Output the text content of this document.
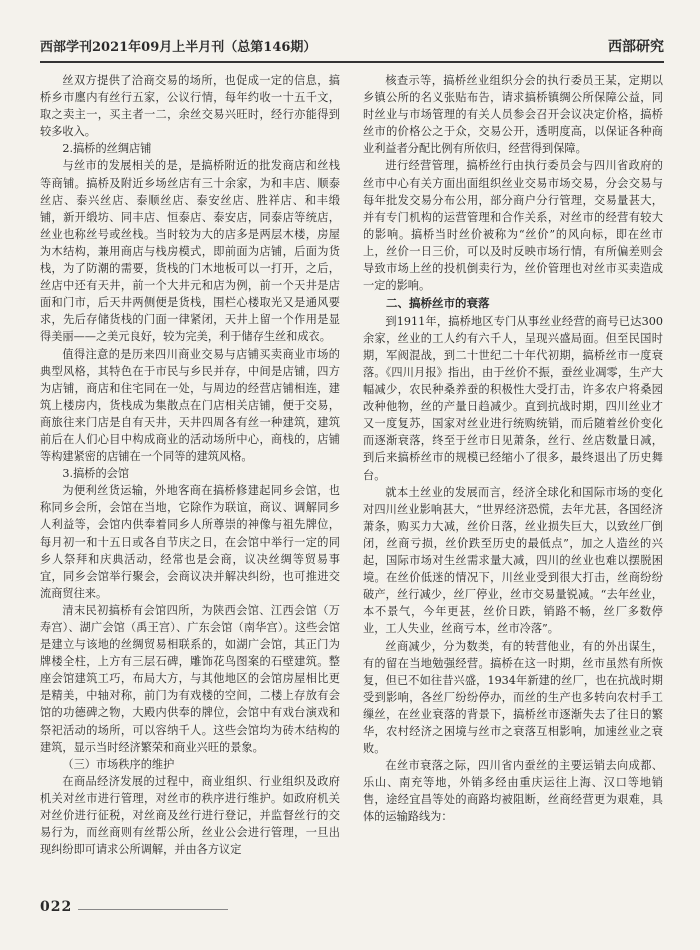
西部学刊2021年09月上半月刊（总第146期）	西部研究

丝双方提供了洽商交易的场所，也促成一定的信息，搞桥乡市廛内有丝行五家，公议行情，每年约收一十五千文，取之卖主一，买主者一二，余丝交易兴旺时，经行亦能得到较多收入。

2.搞桥的丝绸店铺

与丝市的发展相关的是，是搞桥附近的批发商店和丝栈等商铺。搞桥及附近乡场丝店有三十余家，为和丰店、顺泰丝店、泰兴丝店、泰顺丝店、泰安丝店、胜祥店、和丰缎铺，新开缎坊、同丰店、恒泰店、泰安店，同泰店等统店，丝业也称丝号或丝栈。当时较为大的店多是两层木楼，房屋为木结构，兼用商店与栈房模式，即前面为店铺，后面为货栈，为了防潮的需要，货栈的门木地板可以一打开，之后，丝店中还有天井，前一个大井元和店为例，前一个天井是店面和门市，后天井两侧便是货栈，围栏心楼取光又是通风要求，先后存储货栈的门面一律紧闭，天井上留一个作用是显得美丽——之美元良好，较为完美，利于储存生丝和成衣。

值得注意的是历来四川商业交易与店铺买卖商业市场的典型风格，其特色在于市民与乡民并存，中间是店铺，四方为店铺，商店和住宅同在一处，与周边的经营店铺相连，建筑上楼房内，货栈成为集散点在门店相关店铺，便于交易，商旅往来门店是自有天井，天井四周各有丝一种建筑，建筑前后在人们心目中构成商业的活动场所中心，商栈的，店铺等构建紧密的店铺在一个同等的建筑风格。

3.搞桥的会馆

为便利丝货运输，外地客商在搞桥修建起同乡会馆，也称同乡会所，会馆在当地，它除作为联谊，商议、调解同乡人利益等，会馆内供奉着同乡人所尊崇的神像与祖先牌位，每月初一和十五日或各自节庆之日，在会馆中举行一定的同乡人祭拜和庆典活动，经常也是会商，议决丝绸等贸易事宜，同乡会馆举行聚会，会商议决并解决纠纷，也可推进交流商贸往来。

清末民初搞桥有会馆四所，为陕西会馆、江西会馆（万寿宫）、湖广会馆（禹王宫）、广东会馆（南华宫）。这些会馆是建立与该地的丝绸贸易相联系的，如湖广会馆，其正门为牌楼全柱，上方有三层石碑，雕饰花鸟图案的石壁建筑。整座会馆建筑工巧，布局大方，与其他地区的会馆房屋相比更是精美，中轴对称，前门为有戏楼的空间，二楼上存放有会馆的功德碑之物，大殿内供奉的牌位，会馆中有戏台演戏和祭祀活动的场所，可以容纳千人。这些会馆均为砖木结构的建筑，显示当时经济繁荣和商业兴旺的景象。

（三）市场秩序的维护

在商品经济发展的过程中，商业组织、行业组织及政府机关对丝市进行管理，对丝市的秩序进行维护。如政府机关对丝价进行征税，对丝商及丝行进行登记，并监督丝行的交易行为，而丝商则有丝帮公所，丝业公会进行管理，一旦出现纠纷即可请求公所调解，并由各方议定

核查示等，搞桥丝业组织分会的执行委员王某，定期以乡镇公所的名义张贴布告，请求搞桥镇绸公所保障公益，同时丝业与市场管理的有关人员参会召开会议决定价格，搞桥丝市的价格公之于众，交易公开，透明度高，以保证各种商业利益者分配比例有所依归，经营得到保障。

进行经营管理，搞桥丝行由执行委员会与四川省政府的丝市中心有关方面出面组织丝业交易市场交易，分会交易与每年批发交易分布公用，部分商户分行管理，交易量甚大，并有专门机构的运营管理和合作关系，对丝市的经营有较大的影响。搞桥当时丝价被称为“丝价”的风向标，即在丝市上，丝价一日三价，可以及时反映市场行情，有所偏差则会导致市场上丝的投机倒卖行为，丝价管理也对丝市买卖造成一定的影响。

二、搞桥丝市的衰落

到1911年，搞桥地区专门从事丝业经营的商号已达300余家，丝业的工人约有六千人，呈现兴盛局面。但至民国时期，军阀混战，到二十世纪二十年代初期，搞桥丝市一度衰落。《四川月报》指出，由于丝价不振，蚕丝业凋零，生产大幅减少，农民种桑养蚕的积极性大受打击，许多农户将桑园改种他物，丝的产量日趋减少。直到抗战时期，四川丝业才又一度复苏，国家对丝业进行统购统销，而后随着丝价变化而逐渐衰落，终至于丝市日见萧条，丝行、丝店数量日减，到后来搞桥丝市的规模已经缩小了很多，最终退出了历史舞台。

就本土丝业的发展而言，经济全球化和国际市场的变化对四川丝业影响甚大，“世界经济恐慌，去年尤甚，各国经济萧条，购买力大减，丝价日落，丝业损失巨大，以致丝厂倒闭，丝商亏损，丝价跌至历史的最低点”，加之人造丝的兴起，国际市场对生丝需求量大减，四川的丝业也难以摆脱困境。在丝价低迷的情况下，川丝业受到很大打击，丝商纷纷破产，丝行减少，丝厂停业，丝市交易量锐减。“去年丝业，本不景气，今年更甚，丝价日跌，销路不畅，丝厂多数停业，工人失业，丝商亏本，丝市冷落”。

丝商减少，分为数类，有的转营他业，有的外出谋生，有的留在当地勉强经营。搞桥在这一时期，丝市虽然有所恢复，但已不如往昔兴盛，1934年新建的丝厂，也在抗战时期受到影响，各丝厂纷纷停办，而丝的生产也多转向农村手工缫丝，在丝业衰落的背景下，搞桥丝市逐渐失去了往日的繁华，农村经济之困境与丝市之衰落互相影响，加速丝业之衰败。

在丝市衰落之际，四川省内蚕丝的主要运销去向成都、乐山、南充等地，外销多经由重庆运往上海、汉口等地销售，途经宜昌等处的商路均被阻断，丝商经营更为艰难，具体的运输路线为：

022
